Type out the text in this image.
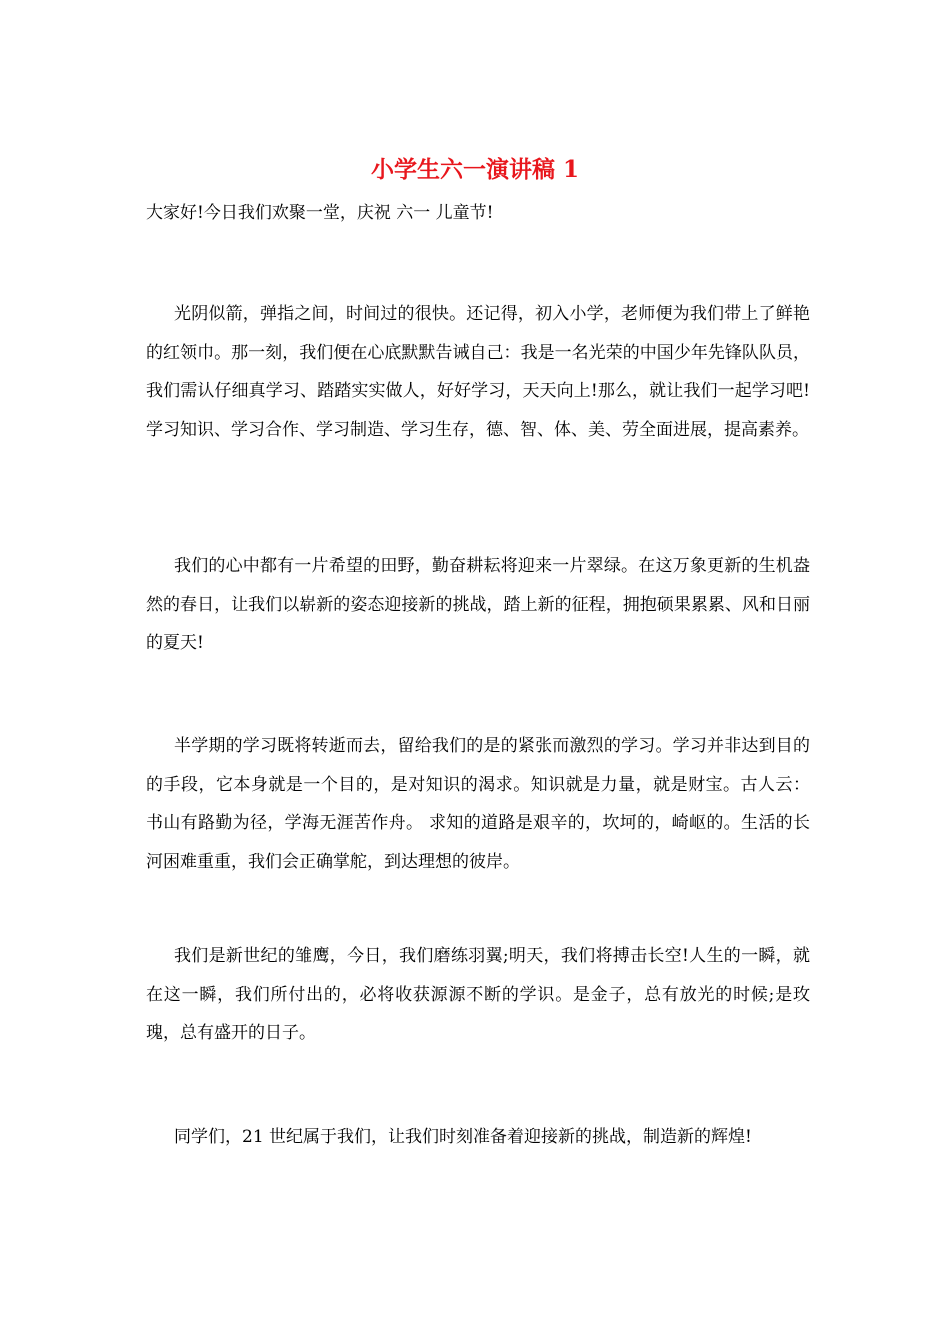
小学生六一演讲稿 1

大家好!今日我们欢聚一堂，庆祝 六一 儿童节!

光阴似箭，弹指之间，时间过的很快。还记得，初入小学，老师便为我们带上了鲜艳的红领巾。那一刻，我们便在心底默默告诫自己：我是一名光荣的中国少年先锋队队员，我们需认仔细真学习、踏踏实实做人，好好学习，天天向上!那么，就让我们一起学习吧!学习知识、学习合作、学习制造、学习生存，德、智、体、美、劳全面进展，提高素养。

我们的心中都有一片希望的田野，勤奋耕耘将迎来一片翠绿。在这万象更新的生机盎然的春日，让我们以崭新的姿态迎接新的挑战，踏上新的征程，拥抱硕果累累、风和日丽的夏天!

半学期的学习既将转逝而去，留给我们的是的紧张而激烈的学习。学习并非达到目的的手段，它本身就是一个目的，是对知识的渴求。知识就是力量，就是财宝。古人云： 书山有路勤为径，学海无涯苦作舟。 求知的道路是艰辛的，坎坷的，崎岖的。生活的长河困难重重，我们会正确掌舵，到达理想的彼岸。

我们是新世纪的雏鹰，今日，我们磨练羽翼;明天，我们将搏击长空!人生的一瞬，就在这一瞬，我们所付出的，必将收获源源不断的学识。是金子，总有放光的时候;是玫瑰，总有盛开的日子。

同学们，21 世纪属于我们，让我们时刻准备着迎接新的挑战，制造新的辉煌!
